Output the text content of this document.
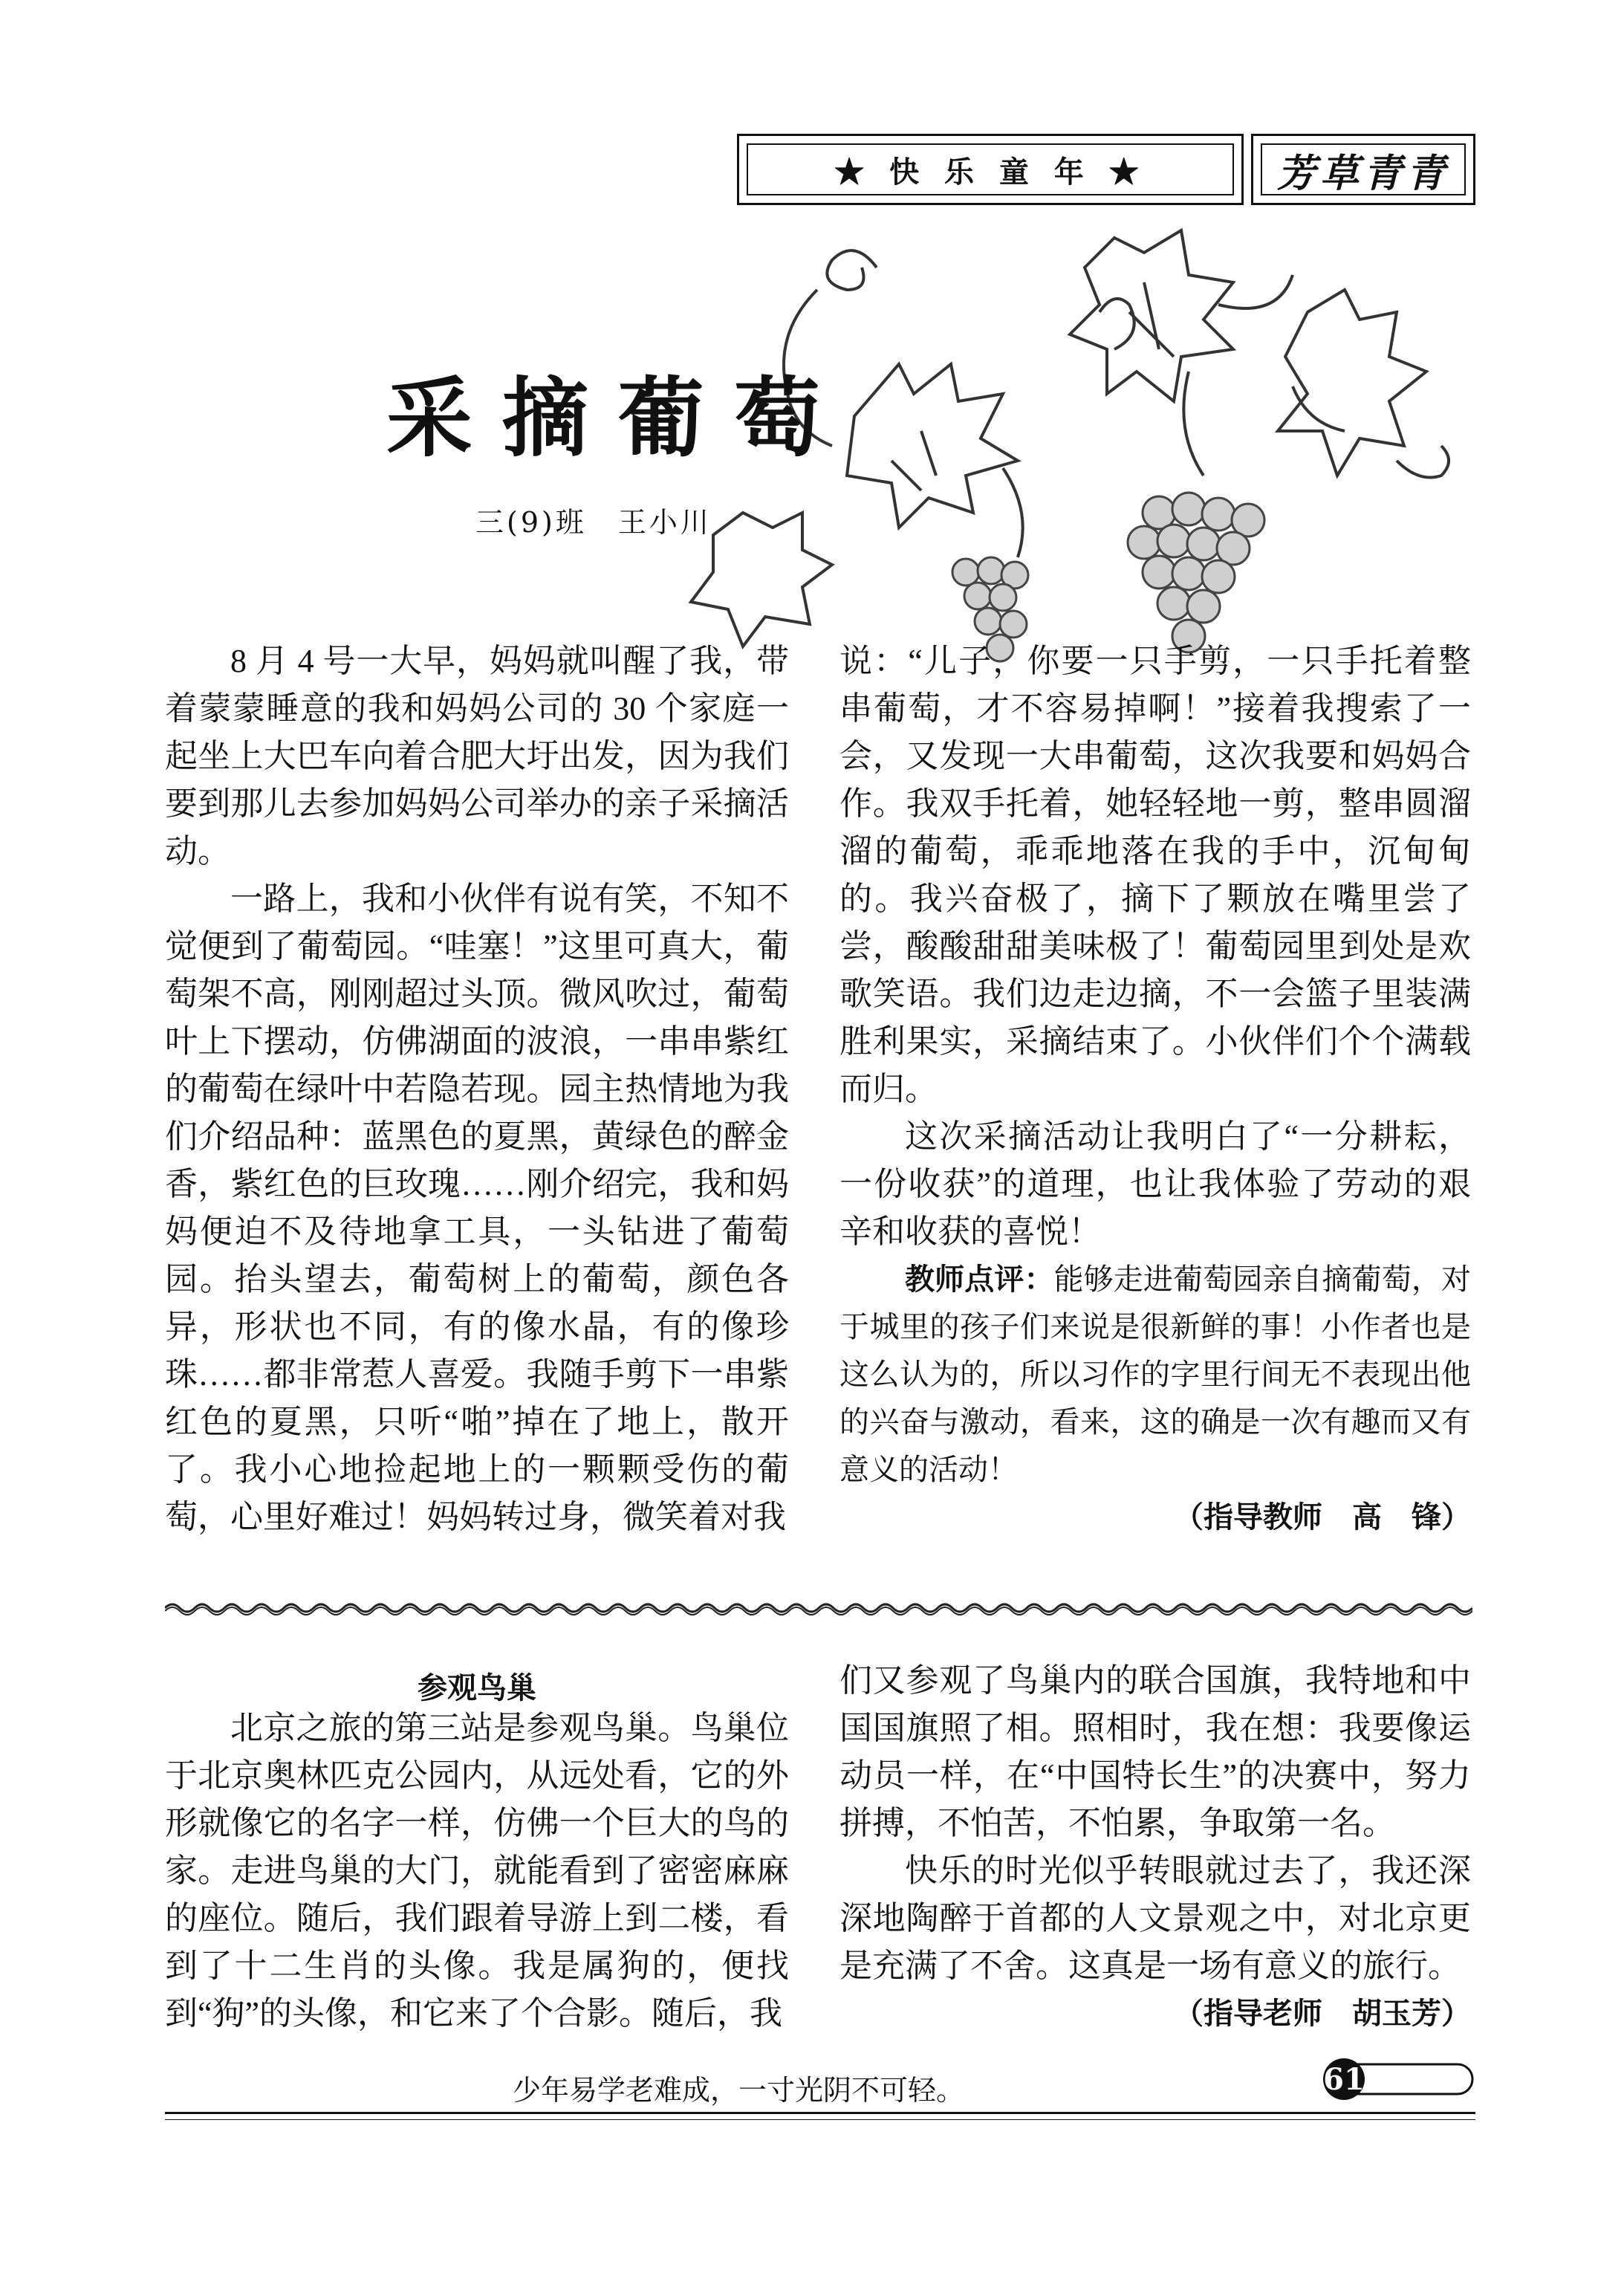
★ 快 乐 童 年 ★	芳草青青
采摘葡萄
三(9)班　王小川

8 月 4 号一大早，妈妈就叫醒了我，带着蒙蒙睡意的我和妈妈公司的 30 个家庭一起坐上大巴车向着合肥大圩出发，因为我们要到那儿去参加妈妈公司举办的亲子采摘活动。

一路上，我和小伙伴有说有笑，不知不觉便到了葡萄园。“哇塞！”这里可真大，葡萄架不高，刚刚超过头顶。微风吹过，葡萄叶上下摆动，仿佛湖面的波浪，一串串紫红的葡萄在绿叶中若隐若现。园主热情地为我们介绍品种：蓝黑色的夏黑，黄绿色的醉金香，紫红色的巨玫瑰……刚介绍完，我和妈妈便迫不及待地拿工具，一头钻进了葡萄园。抬头望去，葡萄树上的葡萄，颜色各异，形状也不同，有的像水晶，有的像珍珠……都非常惹人喜爱。我随手剪下一串紫红色的夏黑，只听“啪”掉在了地上，散开了。我小心地捡起地上的一颗颗受伤的葡萄，心里好难过！妈妈转过身，微笑着对我

说：“儿子，你要一只手剪，一只手托着整串葡萄，才不容易掉啊！”接着我搜索了一会，又发现一大串葡萄，这次我要和妈妈合作。我双手托着，她轻轻地一剪，整串圆溜溜的葡萄，乖乖地落在我的手中，沉甸甸的。我兴奋极了，摘下了颗放在嘴里尝了尝，酸酸甜甜美味极了！葡萄园里到处是欢歌笑语。我们边走边摘，不一会篮子里装满胜利果实，采摘结束了。小伙伴们个个满载而归。

这次采摘活动让我明白了“一分耕耘，一份收获”的道理，也让我体验了劳动的艰辛和收获的喜悦！

教师点评：能够走进葡萄园亲自摘葡萄，对于城里的孩子们来说是很新鲜的事！小作者也是这么认为的，所以习作的字里行间无不表现出他的兴奋与激动，看来，这的确是一次有趣而又有意义的活动！

（指导教师　高　锋）
参观鸟巢

北京之旅的第三站是参观鸟巢。鸟巢位于北京奥林匹克公园内，从远处看，它的外形就像它的名字一样，仿佛一个巨大的鸟的家。走进鸟巢的大门，就能看到了密密麻麻的座位。随后，我们跟着导游上到二楼，看到了十二生肖的头像。我是属狗的，便找到“狗”的头像，和它来了个合影。随后，我

们又参观了鸟巢内的联合国旗，我特地和中国国旗照了相。照相时，我在想：我要像运动员一样，在“中国特长生”的决赛中，努力拼搏，不怕苦，不怕累，争取第一名。

快乐的时光似乎转眼就过去了，我还深深地陶醉于首都的人文景观之中，对北京更是充满了不舍。这真是一场有意义的旅行。

（指导老师　胡玉芳）
少年易学老难成，一寸光阴不可轻。	61
